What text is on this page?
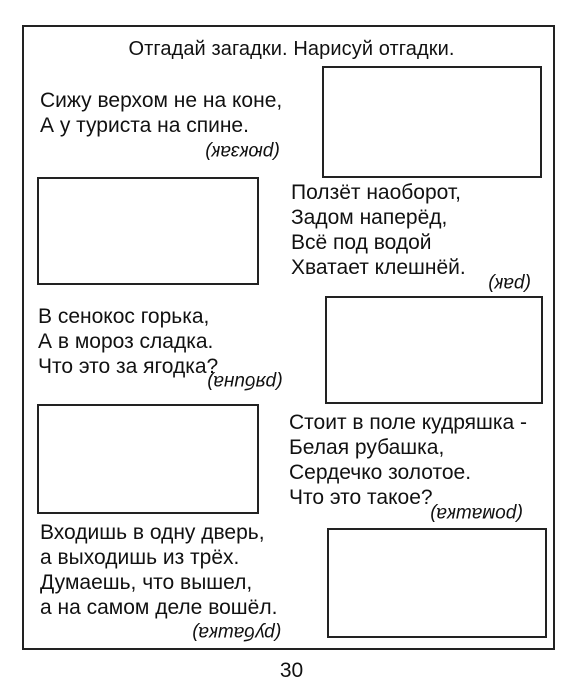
Отгадай загадки. Нарисуй отгадки.
Сижу верхом не на коне,
А у туриста на спине.
(рюкзак)
Ползёт наоборот,
Задом наперёд,
Всё под водой
Хватает клешнёй.
(рак)
В сенокос горька,
А в мороз сладка.
Что это за ягодка?
(рябина)
Стоит в поле кудряшка -
Белая рубашка,
Сердечко золотое.
Что это такое?
(ромашка)
Входишь в одну дверь,
а выходишь из трёх.
Думаешь, что вышел,
а на самом деле вошёл.
(рубашка)
30
